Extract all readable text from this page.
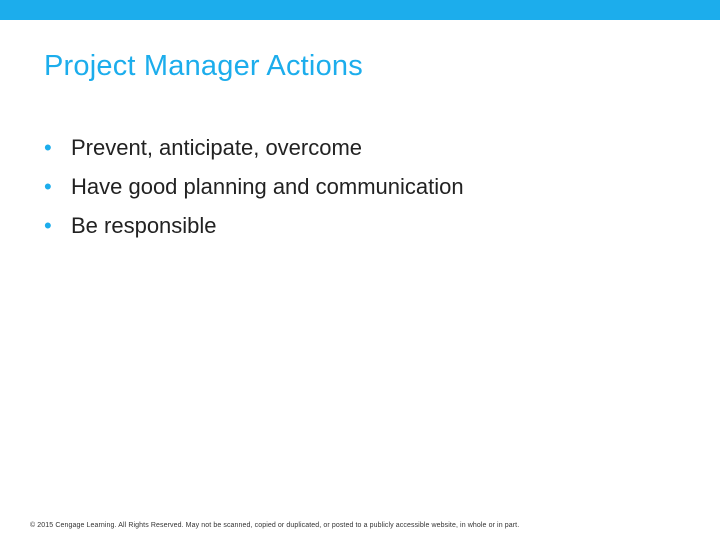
Project Manager Actions
• Prevent, anticipate, overcome
• Have good planning and communication
• Be responsible
© 2015 Cengage Learning. All Rights Reserved. May not be scanned, copied or duplicated, or posted to a publicly accessible website, in whole or in part.
